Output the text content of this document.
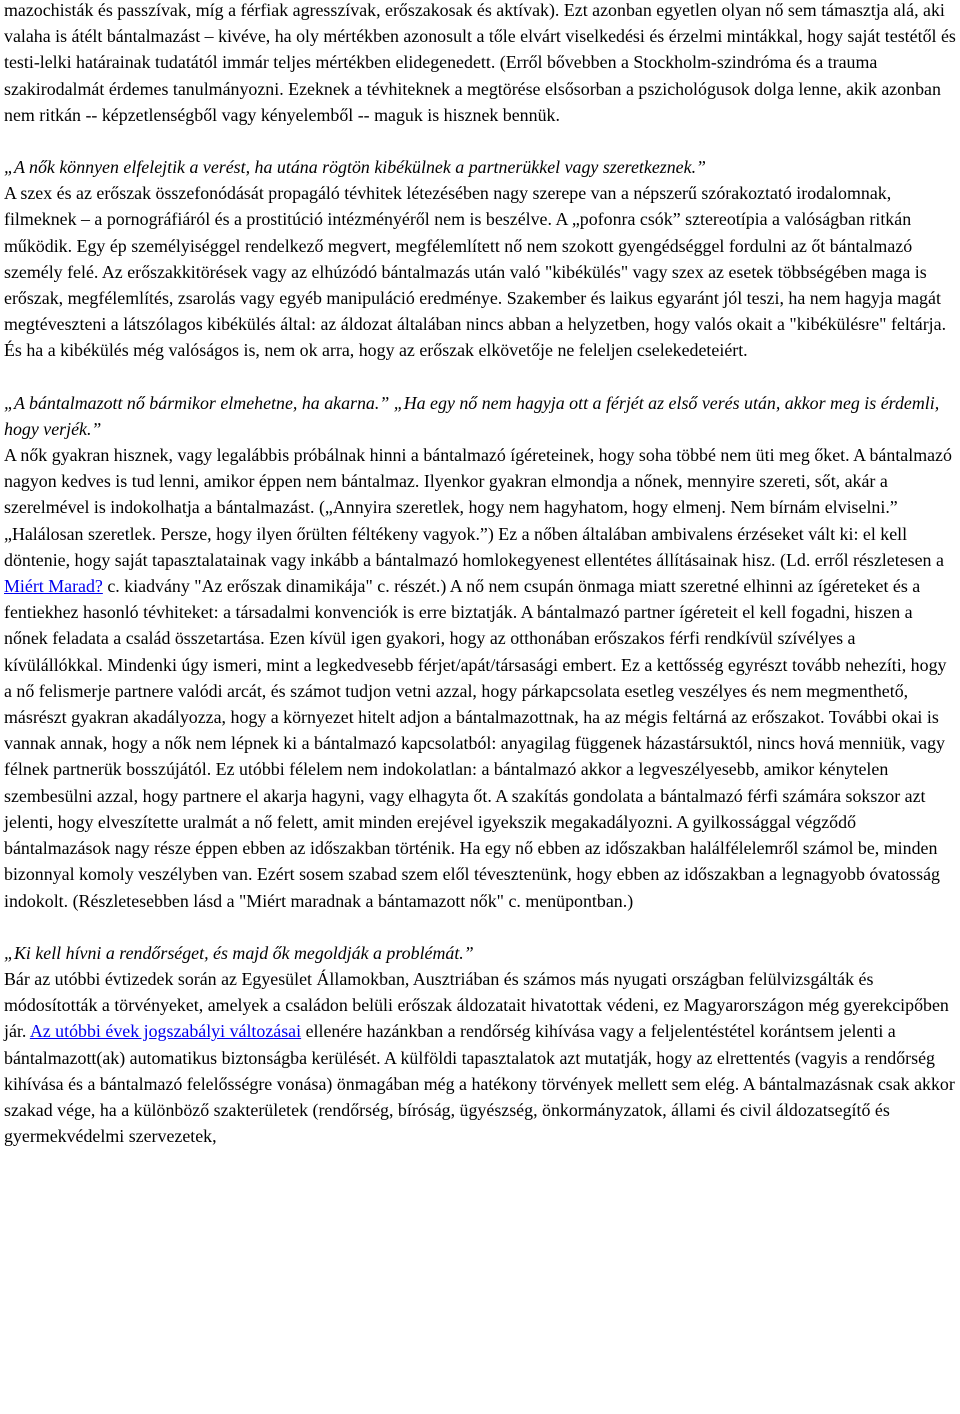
mazochisták és passzívak, míg a férfiak agresszívak, erőszakosak és aktívak). Ezt azonban egyetlen olyan nő sem támasztja alá, aki valaha is átélt bántalmazást – kivéve, ha oly mértékben azonosult a tőle elvárt viselkedési és érzelmi mintákkal, hogy saját testétől és testi-lelki határainak tudatától immár teljes mértékben elidegenedett. (Erről bővebben a Stockholm-szindróma és a trauma szakirodalmát érdemes tanulmányozni. Ezeknek a tévhiteknek a megtörése elsősorban a pszichológusok dolga lenne, akik azonban nem ritkán -- képzetlenségből vagy kényelemből -- maguk is hisznek bennük.

„A nők könnyen elfelejtik a verést, ha utána rögtön kibékülnek a partnerükkel vagy szeretkeznek.”
A szex és az erőszak összefonódását propagáló tévhitek létezésében nagy szerepe van a népszerű szórakoztató irodalomnak, filmeknek – a pornográfiáról és a prostitúció intézményéről nem is beszélve. A „pofonra csók” sztereotípia a valóságban ritkán működik. Egy ép személyiséggel rendelkező megvert, megfélemlített nő nem szokott gyengédséggel fordulni az őt bántalmazó személy felé. Az erőszakkitörések vagy az elhúzódó bántalmazás után való "kibékülés" vagy szex az esetek többségében maga is erőszak, megfélemlítés, zsarolás vagy egyéb manipuláció eredménye. Szakember és laikus egyaránt jól teszi, ha nem hagyja magát megtéveszteni a látszólagos kibékülés által: az áldozat általában nincs abban a helyzetben, hogy valós okait a "kibékülésre" feltárja. És ha a kibékülés még valóságos is, nem ok arra, hogy az erőszak elkövetője ne feleljen cselekedeteiért.

„A bántalmazott nő bármikor elmehetne, ha akarna.” „Ha egy nő nem hagyja ott a férjét az első verés után, akkor meg is érdemli, hogy verjék.”
A nők gyakran hisznek, vagy legalábbis próbálnak hinni a bántalmazó ígéreteinek, hogy soha többé nem üti meg őket. A bántalmazó nagyon kedves is tud lenni, amikor éppen nem bántalmaz. Ilyenkor gyakran elmondja a nőnek, mennyire szereti, sőt, akár a szerelmével is indokolhatja a bántalmazást. („Annyira szeretlek, hogy nem hagyhatom, hogy elmenj. Nem bírnám elviselni.” „Halálosan szeretlek. Persze, hogy ilyen őrülten féltékeny vagyok.”) Ez a nőben általában ambivalens érzéseket vált ki: el kell döntenie, hogy saját tapasztalatainak vagy inkább a bántalmazó homlokegyenest ellentétes állításainak hisz. (Ld. erről részletesen a Miért Marad? c. kiadvány "Az erőszak dinamikája" c. részét.) A nő nem csupán önmaga miatt szeretné elhinni az ígéreteket és a fentiekhez hasonló tévhiteket: a társadalmi konvenciók is erre biztatják. A bántalmazó partner ígéreteit el kell fogadni, hiszen a nőnek feladata a család összetartása. Ezen kívül igen gyakori, hogy az otthonában erőszakos férfi rendkívül szívélyes a kívülállókkal. Mindenki úgy ismeri, mint a legkedvesebb férjet/apát/társasági embert. Ez a kettősség egyrészt tovább nehezíti, hogy a nő felismerje partnere valódi arcát, és számot tudjon vetni azzal, hogy párkapcsolata esetleg veszélyes és nem megmenthető, másrészt gyakran akadályozza, hogy a környezet hitelt adjon a bántalmazottnak, ha az mégis feltárná az erőszakot. További okai is vannak annak, hogy a nők nem lépnek ki a bántalmazó kapcsolatból: anyagilag függenek házastársuktól, nincs hová menniük, vagy félnek partnerük bosszújától. Ez utóbbi félelem nem indokolatlan: a bántalmazó akkor a legveszélyesebb, amikor kénytelen szembesülni azzal, hogy partnere el akarja hagyni, vagy elhagyta őt. A szakítás gondolata a bántalmazó férfi számára sokszor azt jelenti, hogy elveszítette uralmát a nő felett, amit minden erejével igyekszik megakadályozni. A gyilkossággal végződő bántalmazások nagy része éppen ebben az időszakban történik. Ha egy nő ebben az időszakban halálfélelemről számol be, minden bizonnyal komoly veszélyben van. Ezért sosem szabad szem elől tévesztenünk, hogy ebben az időszakban a legnagyobb óvatosság indokolt. (Részletesebben lásd a "Miért maradnak a bántamazott nők" c. menüpontban.)

„Ki kell hívni a rendőrséget, és majd ők megoldják a problémát.”
Bár az utóbbi évtizedek során az Egyesület Államokban, Ausztriában és számos más nyugati országban felülvizsgálták és módosították a törvényeket, amelyek a családon belüli erőszak áldozatait hivatottak védeni, ez Magyarországon még gyerekcipőben jár. Az utóbbi évek jogszabályi változásai ellenére hazánkban a rendőrség kihívása vagy a feljelentéstétel korántsem jelenti a bántalmazott(ak) automatikus biztonságba kerülését. A külföldi tapasztalatok azt mutatják, hogy az elrettentés (vagyis a rendőrség kihívása és a bántalmazó felelősségre vonása) önmagában még a hatékony törvények mellett sem elég. A bántalmazásnak csak akkor szakad vége, ha a különböző szakterületek (rendőrség, bíróság, ügyészség, önkormányzatok, állami és civil áldozatsegítő és gyermekvédelmi szervezetek,
